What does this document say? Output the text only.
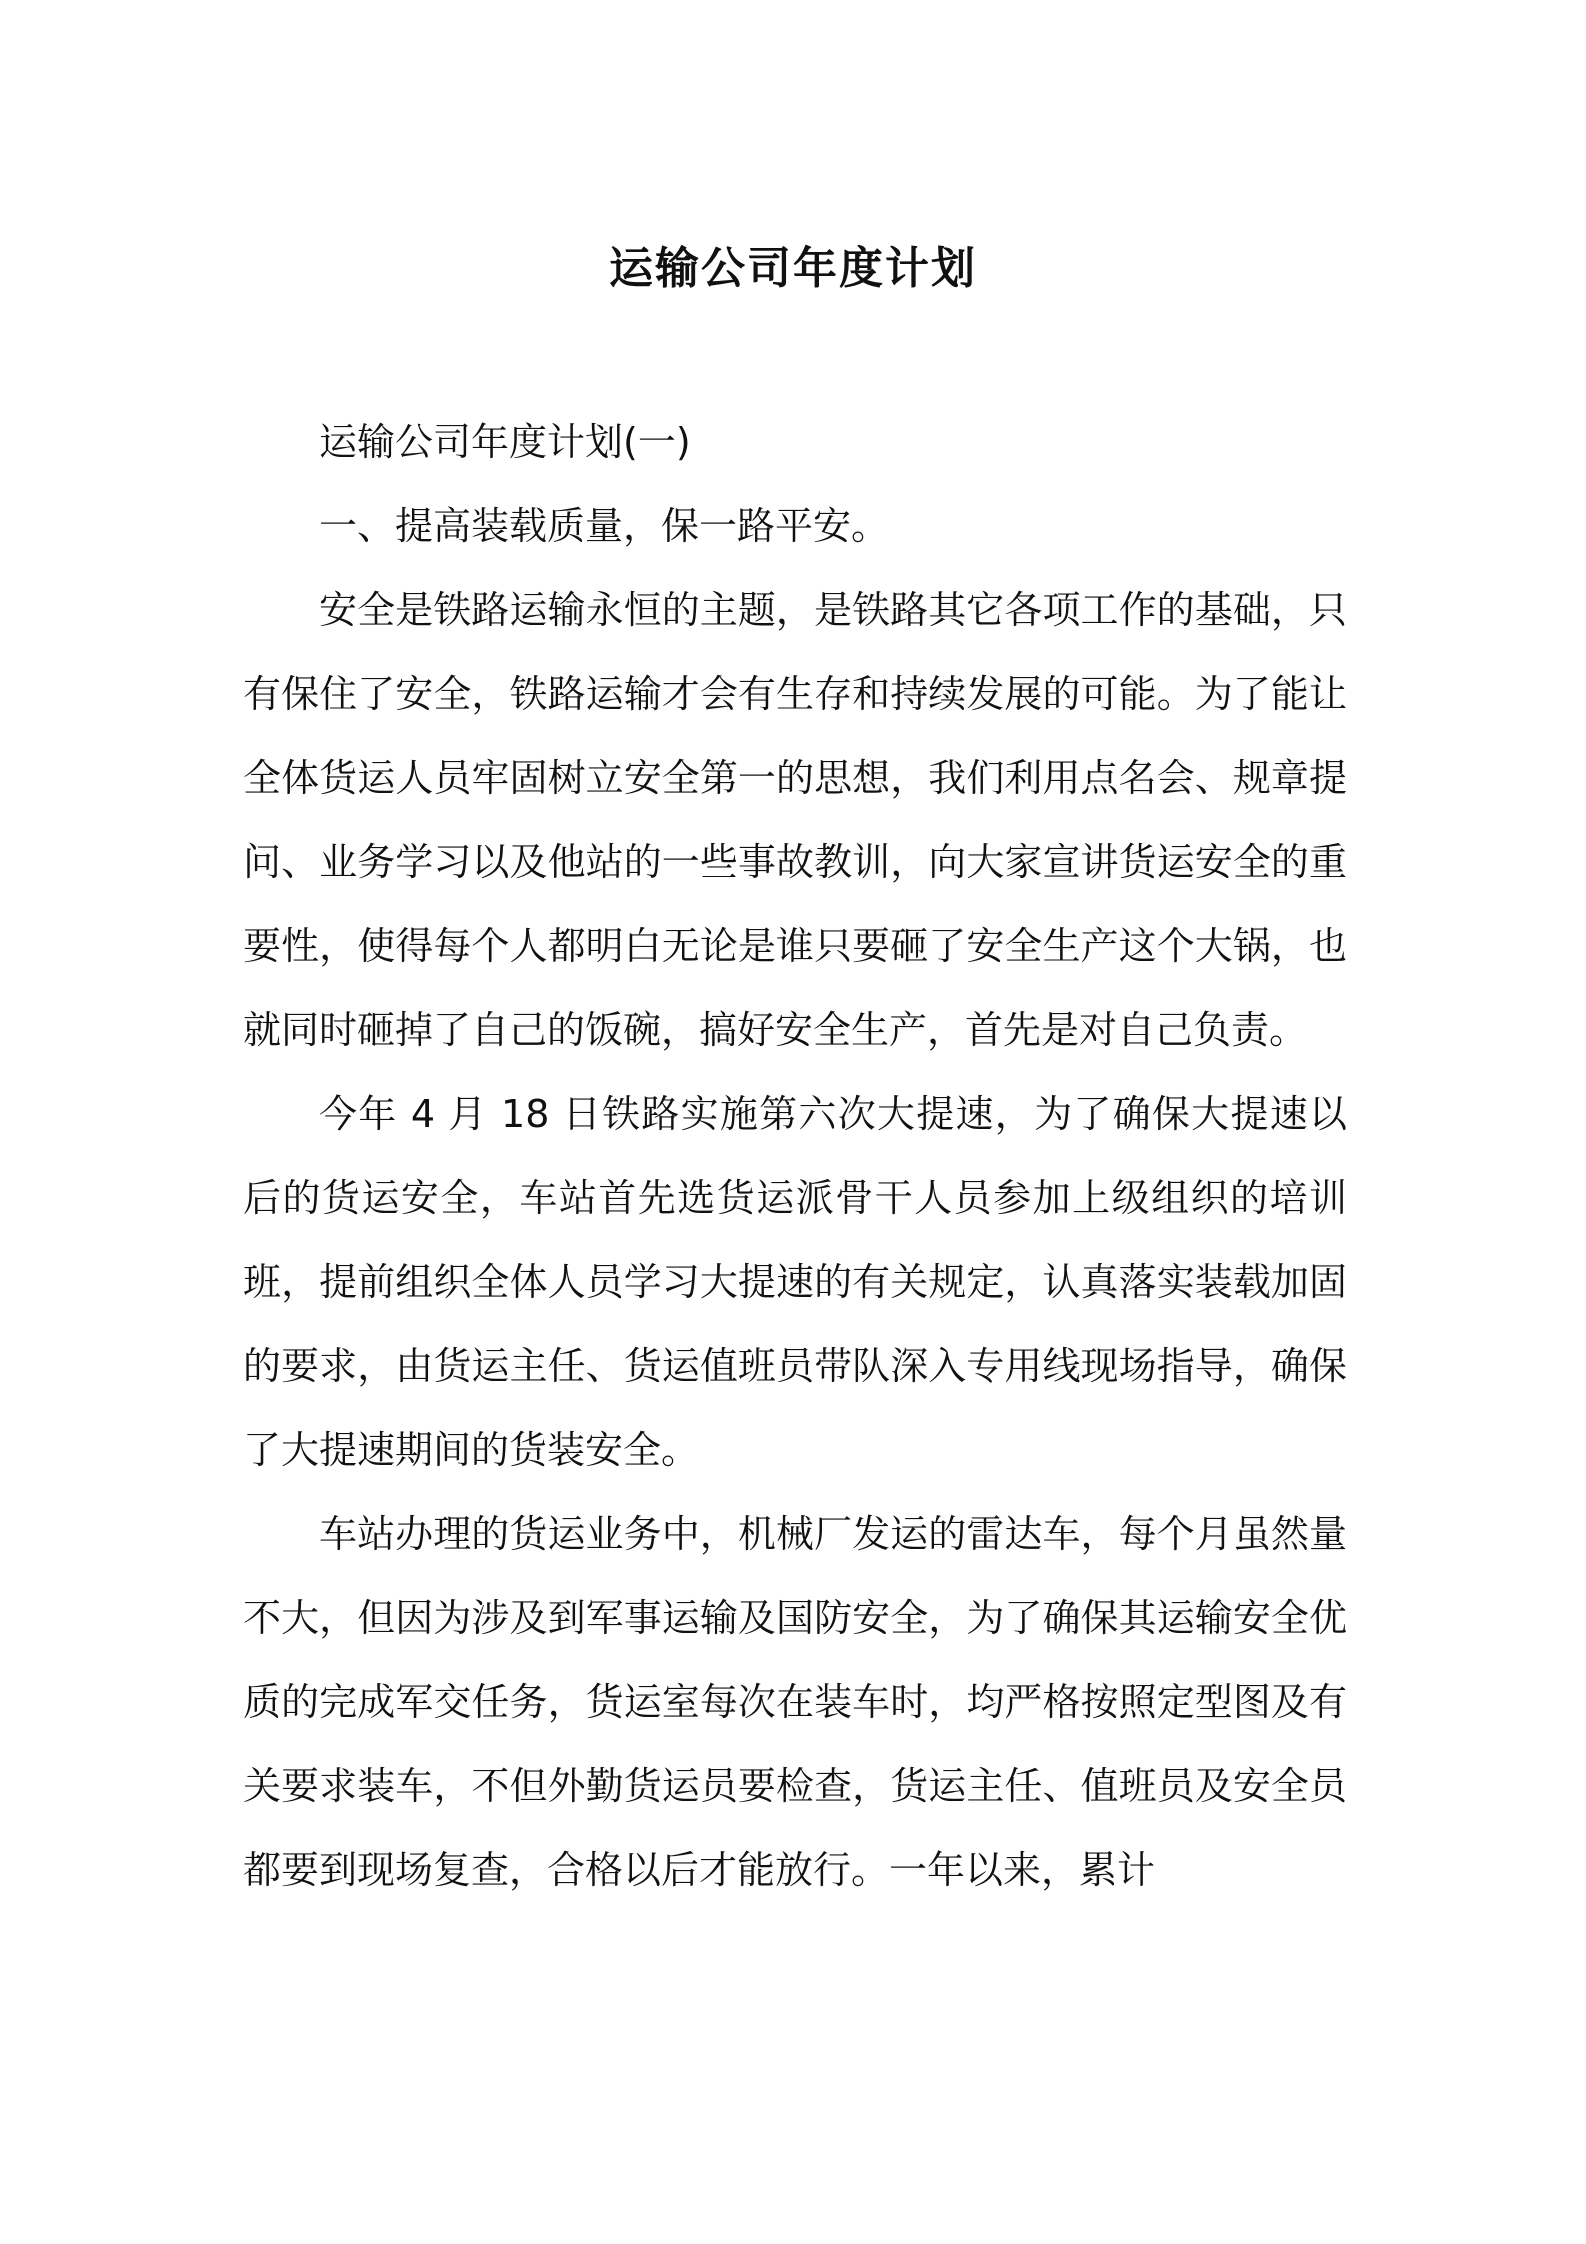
运输公司年度计划

运输公司年度计划(一)

一、提高装载质量，保一路平安。

安全是铁路运输永恒的主题，是铁路其它各项工作的基础，只有保住了安全，铁路运输才会有生存和持续发展的可能。为了能让全体货运人员牢固树立安全第一的思想，我们利用点名会、规章提问、业务学习以及他站的一些事故教训，向大家宣讲货运安全的重要性，使得每个人都明白无论是谁只要砸了安全生产这个大锅，也就同时砸掉了自己的饭碗，搞好安全生产，首先是对自己负责。

今年 4 月 18 日铁路实施第六次大提速，为了确保大提速以后的货运安全，车站首先选货运派骨干人员参加上级组织的培训班，提前组织全体人员学习大提速的有关规定，认真落实装载加固的要求，由货运主任、货运值班员带队深入专用线现场指导，确保了大提速期间的货装安全。

车站办理的货运业务中，机械厂发运的雷达车，每个月虽然量不大，但因为涉及到军事运输及国防安全，为了确保其运输安全优质的完成军交任务，货运室每次在装车时，均严格按照定型图及有关要求装车，不但外勤货运员要检查，货运主任、值班员及安全员都要到现场复查，合格以后才能放行。一年以来，累计
